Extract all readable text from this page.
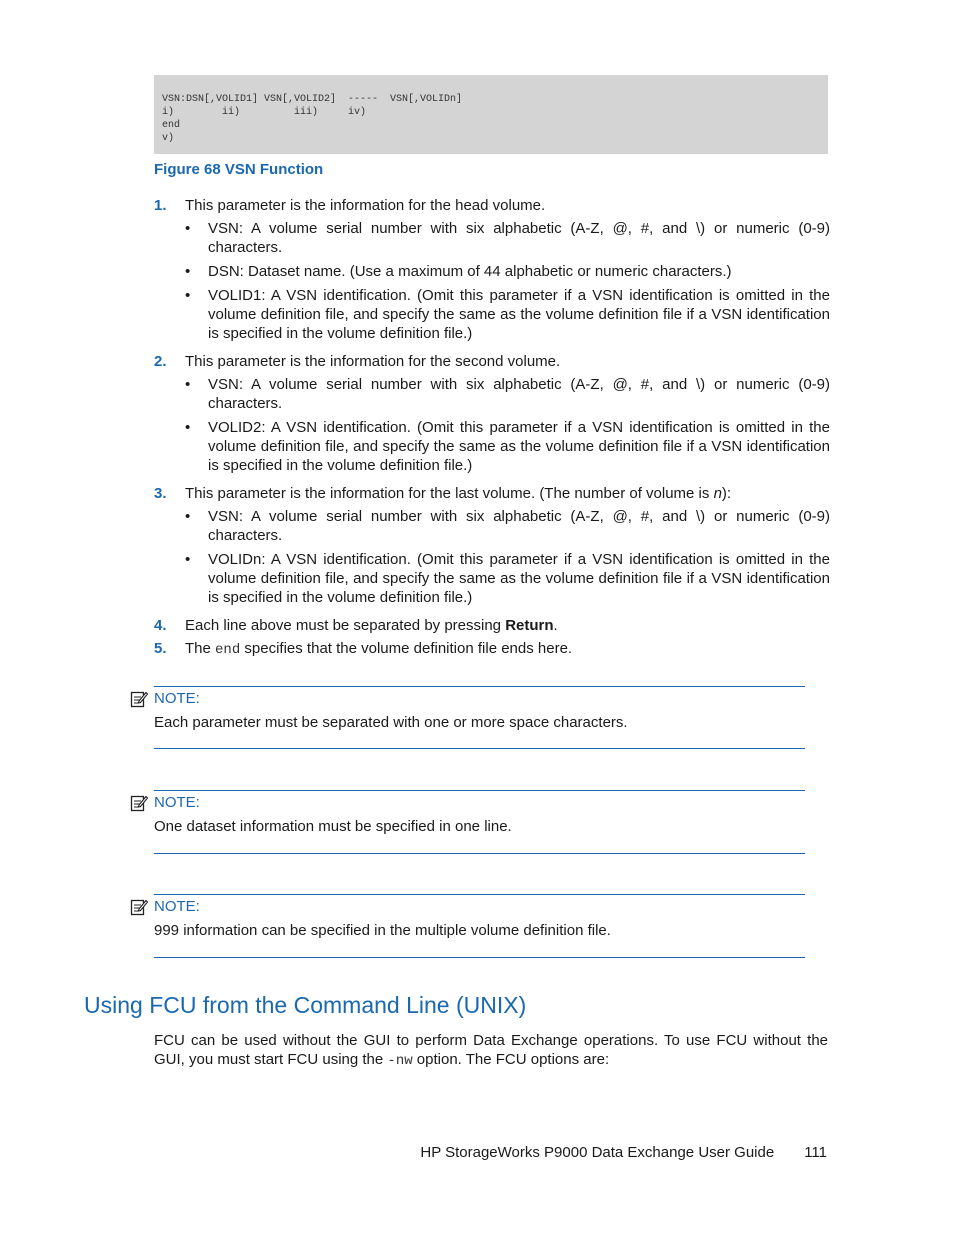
VSN:DSN[,VOLID1] VSN[,VOLID2]  -----  VSN[,VOLIDn]
i)        ii)         iii)     iv)
end
v)
Figure 68 VSN Function
1. This parameter is the information for the head volume.
• VSN: A volume serial number with six alphabetic (A-Z, @, #, and \) or numeric (0-9) characters.
• DSN: Dataset name. (Use a maximum of 44 alphabetic or numeric characters.)
• VOLID1: A VSN identification. (Omit this parameter if a VSN identification is omitted in the volume definition file, and specify the same as the volume definition file if a VSN identification is specified in the volume definition file.)
2. This parameter is the information for the second volume.
• VSN: A volume serial number with six alphabetic (A-Z, @, #, and \) or numeric (0-9) characters.
• VOLID2: A VSN identification. (Omit this parameter if a VSN identification is omitted in the volume definition file, and specify the same as the volume definition file if a VSN identification is specified in the volume definition file.)
3. This parameter is the information for the last volume. (The number of volume is n):
• VSN: A volume serial number with six alphabetic (A-Z, @, #, and \) or numeric (0-9) characters.
• VOLIDn: A VSN identification. (Omit this parameter if a VSN identification is omitted in the volume definition file, and specify the same as the volume definition file if a VSN identification is specified in the volume definition file.)
4. Each line above must be separated by pressing Return.
5. The end specifies that the volume definition file ends here.
NOTE:
Each parameter must be separated with one or more space characters.
NOTE:
One dataset information must be specified in one line.
NOTE:
999 information can be specified in the multiple volume definition file.
Using FCU from the Command Line (UNIX)
FCU can be used without the GUI to perform Data Exchange operations. To use FCU without the GUI, you must start FCU using the -nw option. The FCU options are:
HP StorageWorks P9000 Data Exchange User Guide 111
